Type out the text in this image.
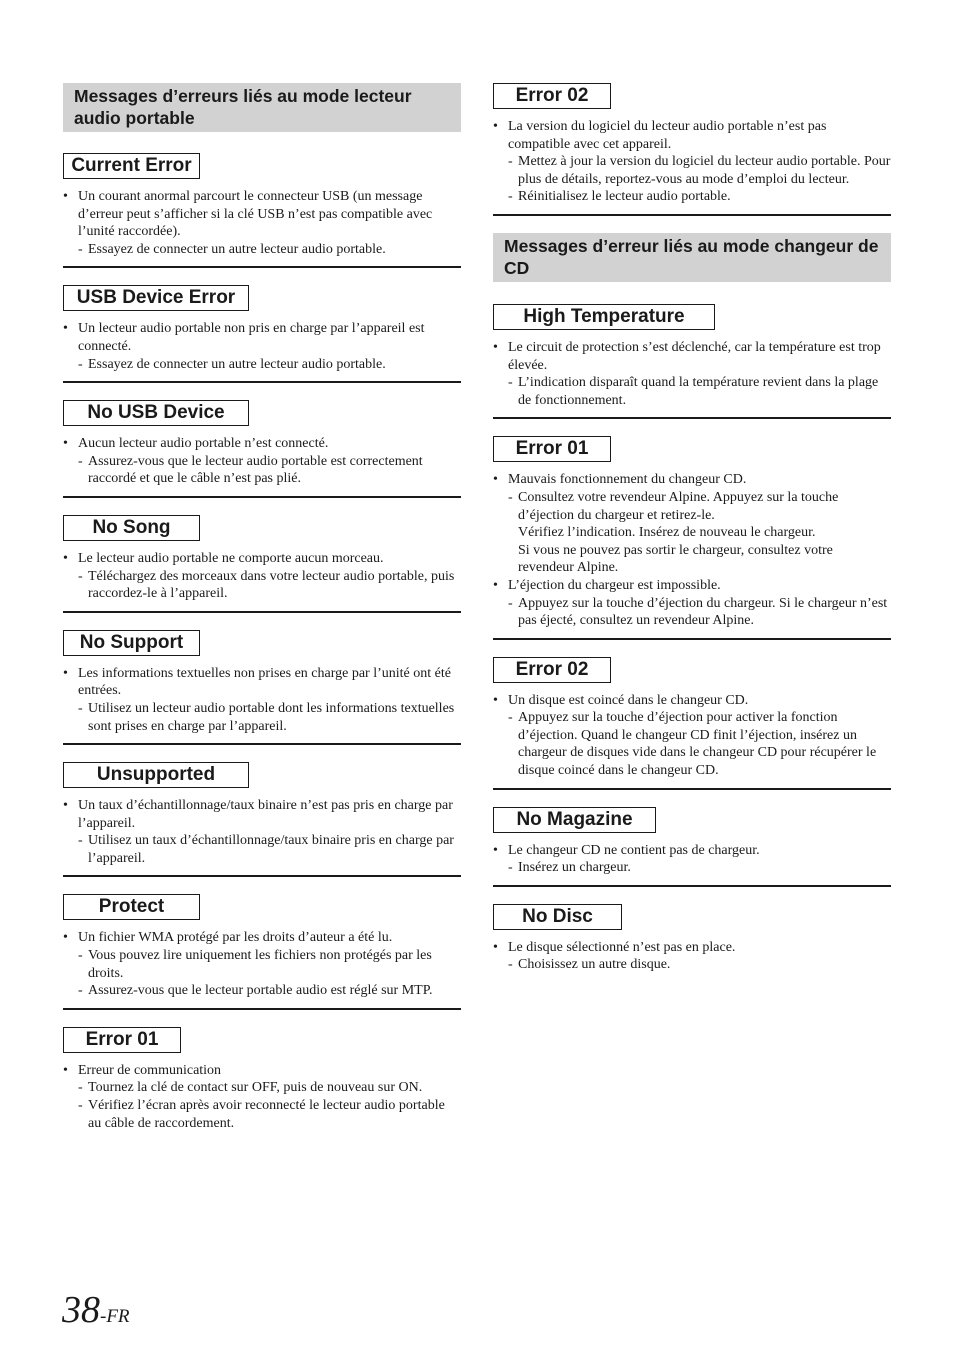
Messages d’erreurs liés au mode lecteur audio portable
Current Error
• Un courant anormal parcourt le connecteur USB (un message d’erreur peut s’afficher si la clé USB n’est pas compatible avec l’unité raccordée).
- Essayez de connecter un autre lecteur audio portable.
USB Device Error
• Un lecteur audio portable non pris en charge par l’appareil est connecté.
- Essayez de connecter un autre lecteur audio portable.
No USB Device
• Aucun lecteur audio portable n’est connecté.
- Assurez-vous que le lecteur audio portable est correctement raccordé et que le câble n’est pas plié.
No Song
• Le lecteur audio portable ne comporte aucun morceau.
- Téléchargez des morceaux dans votre lecteur audio portable, puis raccordez-le à l’appareil.
No Support
• Les informations textuelles non prises en charge par l’unité ont été entrées.
- Utilisez un lecteur audio portable dont les informations textuelles sont prises en charge par l’appareil.
Unsupported
• Un taux d’échantillonnage/taux binaire n’est pas pris en charge par l’appareil.
- Utilisez un taux d’échantillonnage/taux binaire pris en charge par l’appareil.
Protect
• Un fichier WMA protégé par les droits d’auteur a été lu.
- Vous pouvez lire uniquement les fichiers non protégés par les droits.
- Assurez-vous que le lecteur portable audio est réglé sur MTP.
Error 01
• Erreur de communication
- Tournez la clé de contact sur OFF, puis de nouveau sur ON.
- Vérifiez l’écran après avoir reconnecté le lecteur audio portable au câble de raccordement.
Error 02
• La version du logiciel du lecteur audio portable n’est pas compatible avec cet appareil.
- Mettez à jour la version du logiciel du lecteur audio portable. Pour plus de détails, reportez-vous au mode d’emploi du lecteur.
- Réinitialisez le lecteur audio portable.
Messages d’erreur liés au mode changeur de CD
High Temperature
• Le circuit de protection s’est déclenché, car la température est trop élevée.
- L’indication disparaît quand la température revient dans la plage de fonctionnement.
Error 01
• Mauvais fonctionnement du changeur CD.
- Consultez votre revendeur Alpine. Appuyez sur la touche d’éjection du chargeur et retirez-le.
Vérifiez l’indication. Insérez de nouveau le chargeur.
Si vous ne pouvez pas sortir le chargeur, consultez votre revendeur Alpine.
• L’éjection du chargeur est impossible.
- Appuyez sur la touche d’éjection du chargeur. Si le chargeur n’est pas éjecté, consultez un revendeur Alpine.
Error 02
• Un disque est coincé dans le changeur CD.
- Appuyez sur la touche d’éjection pour activer la fonction d’éjection. Quand le changeur CD finit l’éjection, insérez un chargeur de disques vide dans le changeur CD pour récupérer le disque coincé dans le changeur CD.
No Magazine
• Le changeur CD ne contient pas de chargeur.
- Insérez un chargeur.
No Disc
• Le disque sélectionné n’est pas en place.
- Choisissez un autre disque.
38-FR
